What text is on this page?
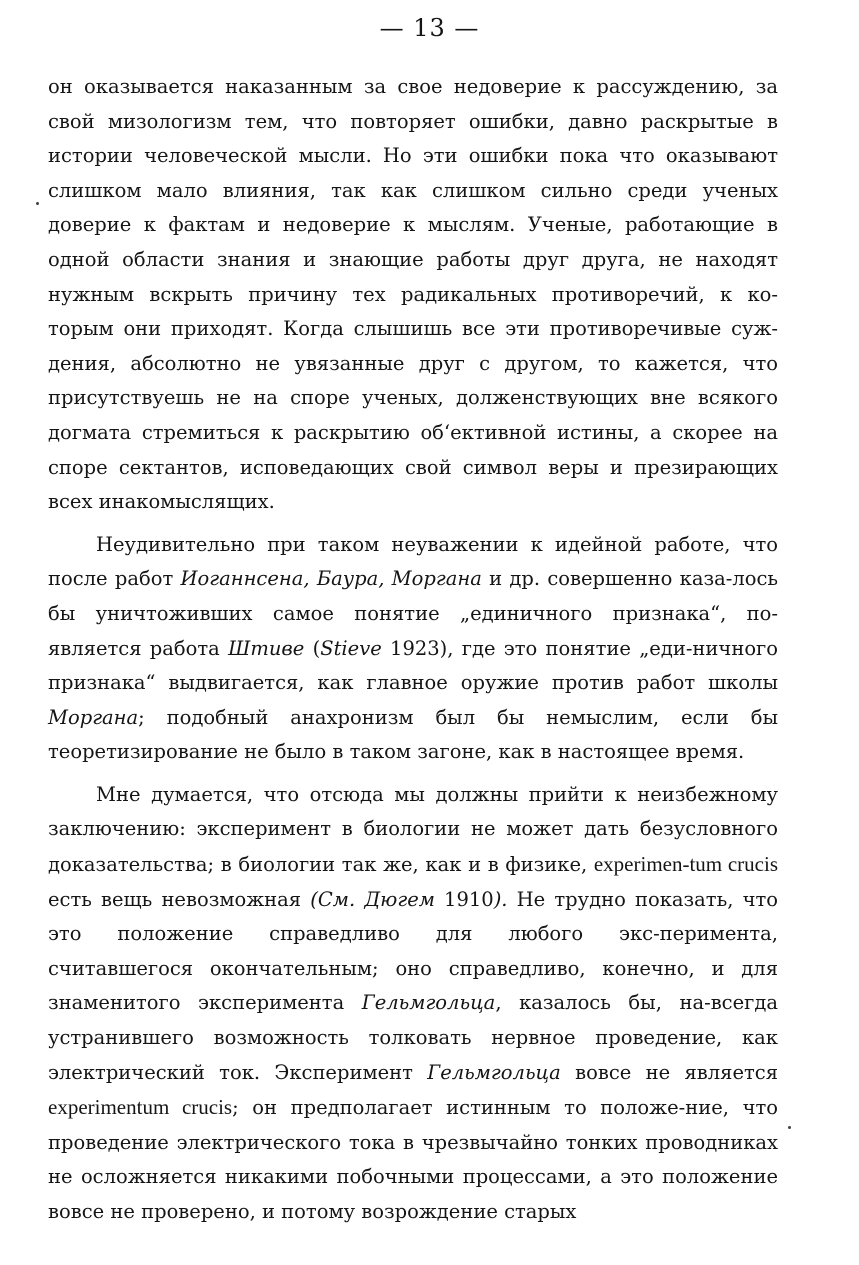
— 13 —

он оказывается наказанным за свое недоверие к рассуждению, за свой мизологизм тем, что повторяет ошибки, давно раскрытые в истории человеческой мысли. Но эти ошибки пока что оказывают слишком мало влияния, так как слишком сильно среди ученых доверие к фактам и недоверие к мыслям. Ученые, работающие в одной области знания и знающие работы друг друга, не находят нужным вскрыть причину тех радикальных противоречий, к ко-торым они приходят. Когда слышишь все эти противоречивые суж-дения, абсолютно не увязанные друг с другом, то кажется, что присутствуешь не на споре ученых, долженствующих вне всякого догмата стремиться к раскрытию об‘ективной истины, а скорее на споре сектантов, исповедающих свой символ веры и презирающих всех инакомыслящих.

Неудивительно при таком неуважении к идейной работе, что после работ Иоганнсена, Баура, Моргана и др. совершенно каза-лось бы уничтоживших самое понятие „единичного признака“, по-является работа Штиве (Stieve 1923), где это понятие „еди-ничного признака“ выдвигается, как главное оружие против работ школы Моргана; подобный анахронизм был бы немыслим, если бы теоретизирование не было в таком загоне, как в настоящее время.

Мне думается, что отсюда мы должны прийти к неизбежному заключению: эксперимент в биологии не может дать безусловного доказательства; в биологии так же, как и в физике, experimen-tum crucis есть вещь невозможная (См. Дюгем 1910). Не трудно показать, что это положение справедливо для любого экс-перимента, считавшегося окончательным; оно справедливо, конечно, и для знаменитого эксперимента Гельмгольца, казалось бы, на-всегда устранившего возможность толковать нервное проведение, как электрический ток. Эксперимент Гельмгольца вовсе не является experimentum crucis; он предполагает истинным то положе-ние, что проведение электрического тока в чрезвычайно тонких проводниках не осложняется никакими побочными процессами, а это положение вовсе не проверено, и потому возрождение старых
